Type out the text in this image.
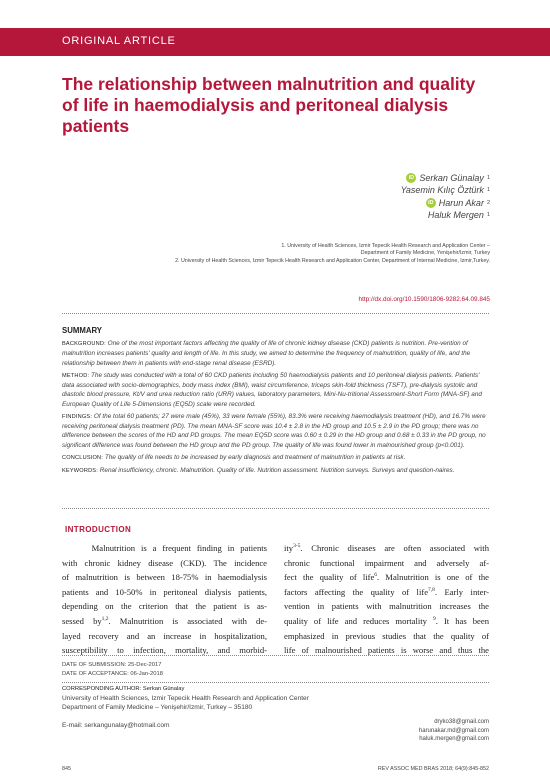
ORIGINAL ARTICLE
The relationship between malnutrition and quality of life in haemodialysis and peritoneal dialysis patients
iD Serkan Günalay 1
Yasemin Kılıç Öztürk 1
iD Harun Akar 2
Haluk Mergen 1
1. University of Health Sciences, Izmir Tepecik Health Research and Application Center –
Department of Family Medicine, Yenişehir/Izmir, Turkey
2. University of Health Sciences, Izmir Tepecik Health Research and Application Center, Department of Internal Medicine, Izmir,Turkey.
http://dx.doi.org/10.1590/1806-9282.64.09.845
SUMMARY

BACKGROUND: One of the most important factors affecting the quality of life of chronic kidney disease (CKD) patients is nutrition. Pre-vention of malnutrition increases patients' quality and length of life. In this study, we aimed to determine the frequency of malnutrition, quality of life, and the relationship between them in patients with end-stage renal disease (ESRD).

METHOD: The study was conducted with a total of 60 CKD patients including 50 haemodialysis patients and 10 peritoneal dialysis patients. Patients' data associated with socio-demographics, body mass index (BMI), waist circumference, triceps skin-fold thickness (TSFT), pre-dialysis systolic and diastolic blood pressure, Kt/V and urea reduction ratio (URR) values, laboratory parameters, Mini-Nu-tritional Assessment-Short Form (MNA-SF) and European Quality of Life 5-Dimensions (EQ5D) scale were recorded.

FINDINGS: Of the total 60 patients; 27 were male (45%), 33 were female (55%), 83.3% were receiving haemodialysis treatment (HD), and 16.7% were receiving peritoneal dialysis treatment (PD). The mean MNA-SF score was 10.4 ± 2.8 in the HD group and 10.5 ± 2.9 in the PD group; there was no difference between the scores of the HD and PD groups. The mean EQ5D score was 0.60 ± 0.29 in the HD group and 0.68 ± 0.33 in the PD group, no significant difference was found between the HD group and the PD group. The quality of life was found lower in malnourished group (p<0.001).

CONCLUSION: The quality of life needs to be increased by early diagnosis and treatment of malnutrition in patients at risk.

KEYWORDS: Renal insufficiency, chronic. Malnutrition. Quality of life. Nutrition assessment. Nutrition surveys. Surveys and question-naires.

INTRODUCTION
Malnutrition is a frequent finding in patients
with chronic kidney disease (CKD). The incidence
of malnutrition is between 18-75% in haemodialysis
patients and 10-50% in peritoneal dialysis patients,
depending on the criterion that the patient is as-
sessed by$^{1,2}$. Malnutrition is associated with de-
layed recovery and an increase in hospitalization,
susceptibility to infection, mortality, and morbid-
ity$^{3-5}$. Chronic diseases are often associated with
chronic functional impairment and adversely af-
fect the quality of life$^6$. Malnutrition is one of the
factors affecting the quality of life$^{7,8}$. Early inter-
vention in patients with malnutrition increases the
quality of life and reduces mortality $^9$. It has been
emphasized in previous studies that the quality of
life of malnourished patients is worse and thus the
DATE OF SUBMISSION: 25-Dec-2017
DATE OF ACCEPTANCE: 06-Jan-2018
CORRESPONDING AUTHOR: Serkan Günalay
University of Health Sciences, Izmir Tepecik Health Research and Application Center
Department of Family Medicine – Yenişehir/Izmir, Turkey – 35180
E-mail: serkangunalay@hotmail.com	dryko38@gmail.com
harunakar.md@gmail.com
haluk.mergen@gmail.com
845	REV ASSOC MED BRAS 2018; 64(9):845-852
